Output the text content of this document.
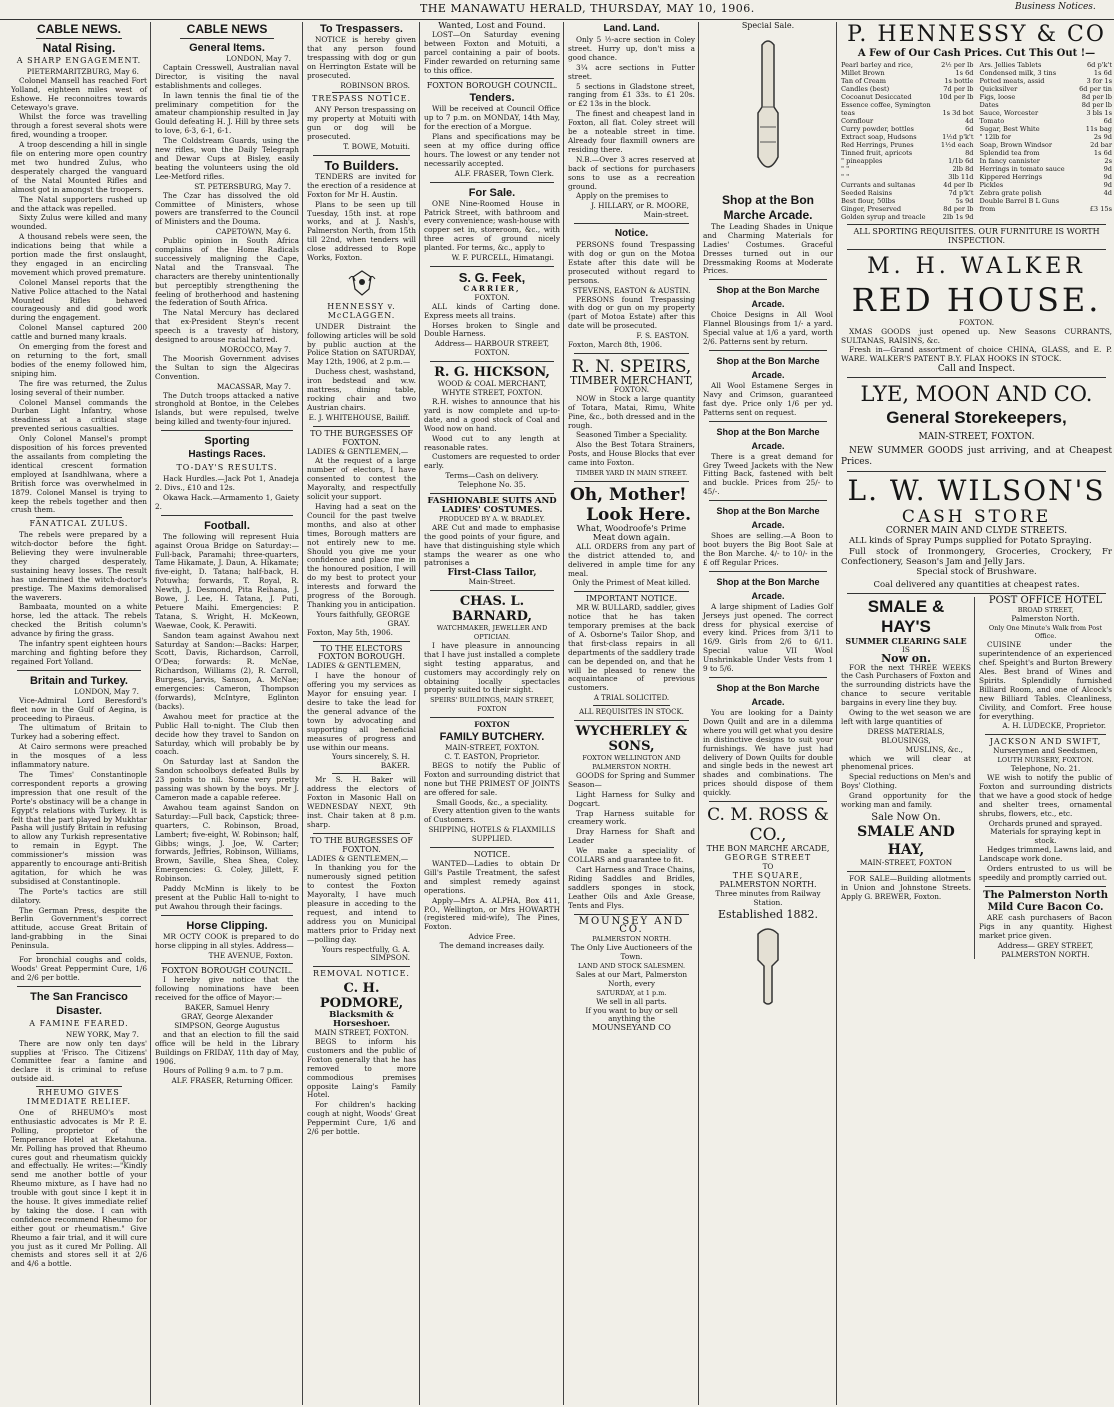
THE MANAWATU HERALD, THURSDAY, MAY 10, 1906.	Business Notices.
CABLE NEWS.
Natal Rising.
A SHARP ENGAGEMENT.
PIETERMARITZBURG, May 6.
Colonel Mansell has reached Fort Yolland, eighteen miles west of Eshowe. He reconnoitres towards Cetewayo's grave.
Whilst the force was travelling through a forest several shots were fired, wounding a trooper.
A troop descending a hill in single file on entering more open country met two hundred Zulus, who desperately charged the vanguard of the Natal Mounted Rifles and almost got in amongst the troopers.
The Natal supporters rushed up and the attack was repelled.
Sixty Zulus were killed and many wounded.
A thousand rebels were seen, the indications being that while a portion made the first onslaught, they engaged in an encircling movement which proved premature.
Colonel Mansel reports that the Native Police attached to the Natal Mounted Rifles behaved courageously and did good work during the engagement.
Colonel Mansel captured 200 cattle and burned many kraals.
On emerging from the forest and on returning to the fort, small bodies of the enemy followed him, sniping him.
The fire was returned, the Zulus losing several of their number.
Colonel Mansel commands the Durban Light Infantry, whose steadiness at a critical stage prevented serious casualties.
Only Colonel Mansel's prompt disposition of his forces prevented the assailants from completing the identical crescent formation employed at Isandhlwana, where a British force was overwhelmed in 1879. Colonel Mansel is trying to keep the rebels together and then crush them.
FANATICAL ZULUS.
The rebels were prepared by a witch-doctor before the fight. Believing they were invulnerable they charged desperately, sustaining heavy losses. The result has undermined the witch-doctor's prestige. The Maxims demoralised the waverers.
Bambaata, mounted on a white horse, led the attack. The rebels checked the British column's advance by firing the grass.
The infantry spent eighteen hours marching and fighting before they regained Fort Yolland.
Britain and Turkey.
LONDON, May 7.
Vice-Admiral Lord Beresford's fleet now in the Gulf of Aegina, is proceeding to Piraeus.
The ultimatum of Britain to Turkey had a sobering effect.
At Cairo sermons were preached in the mosques of a less inflammatory nature.
The Times' Constantinople correspondent reports a growing impression that one result of the Porte's obstinacy will be a change in Egypt's relations with Turkey. It is felt that the part played by Mukhtar Pasha will justify Britain in refusing to allow any Turkish representative to remain in Egypt. The commissioner's mission was apparently to encourage anti-British agitation, for which he was subsidised at Constantinople.
The Porte's tactics are still dilatory.
The German Press, despite the Berlin Government's correct attitude, accuse Great Britain of land-grabbing in the Sinai Peninsula.
For bronchial coughs and colds, Woods' Great Peppermint Cure, 1/6 and 2/6 per bottle.
The San Francisco Disaster.
A FAMINE FEARED.
NEW YORK, May 7.
There are now only ten days' supplies at 'Frisco. The Citizens' Committee fear a famine and declare it is criminal to refuse outside aid.
RHEUMO GIVES IMMEDIATE RELIEF.
One of RHEUMO's most enthusiastic advocates is Mr P. E. Polling, proprietor of the Temperance Hotel at Eketahuna. Mr. Polling has proved that Rheumo cures gout and rheumatism quickly and effectually. He writes:—"Kindly send me another bottle of your Rheumo mixture, as I have had no trouble with gout since I kept it in the house. It gives immediate relief by taking the dose. I can with confidence recommend Rheumo for either gout or rheumatism." Give Rheumo a fair trial, and it will cure you just as it cured Mr Polling. All chemists and stores sell it at 2/6 and 4/6 a bottle.
CABLE NEWS
General Items.
LONDON, May 7.
Captain Cresswell, Australian naval Director, is visiting the naval establishments and colleges.
In lawn tennis the final tie of the preliminary competition for the amateur championship resulted in Jay Gould defeating H. J. Hill by three sets to love, 6-3, 6-1, 6-1.
The Coldstream Guards, using the new rifles, won the Daily Telegraph and Dewar Cups at Bisley, easily beating the volunteers using the old Lee-Metford rifles.
ST. PETERSBURG, May 7.
The Czar has dissolved the old Committee of Ministers, whose powers are transferred to the Council of Ministers and the Douma.
CAPETOWN, May 6.
Public opinion in South Africa complains of the Home Radicals successively maligning the Cape, Natal and the Transvaal. The characters are thereby unintentionally but perceptibly strengthening the feeling of brotherhood and hastening the federation of South Africa.
The Natal Mercury has declared that ex-President Steyn's recent speech is a travesty of history, designed to arouse racial hatred.
MOROCCO, May 7.
The Moorish Government advises the Sultan to sign the Algeciras Convention.
MACASSAR, May 7.
The Dutch troops attacked a native stronghold at Bontoe, in the Celebes Islands, but were repulsed, twelve being killed and twenty-four injured.
Sporting
Hastings Races.
TO-DAY'S RESULTS.
Hack Hurdles.—Jack Pot 1, Anadeja 2. Divs., £10 and 12s.
Okawa Hack.—Armamento 1, Gaiety 2.
Football.
The following will represent Huia against Oroua Bridge on Saturday:—Full-back, Paramahi; three-quarters, Tame Hikamate, J. Daun, A. Hikamate; five-eight, D. Tatana; half-back, H. Potuwha; forwards, T. Royal, R. Newth, J. Desmond, Pita Reihana, J. Bowe, J. Lee, H. Tatana, J. Puti, Petuere Maihi. Emergencies: P. Tatana, S. Wright, H. McKeown, Waewae, Cook, K. Perawiti.
Sandon team against Awahou next Saturday at Sandon:—Backs: Harper, Scott, Davis, Richardson, Carroll, O'Dea; forwards: R. McNae, Richardson, Williams (2), R. Carroll, Burgess, Jarvis, Sanson, A. McNae; emergencies: Cameron, Thompson (forwards), McIntyre, Eglinton (backs).
Awahou meet for practice at the Public Hall to-night. The Club then decide how they travel to Sandon on Saturday, which will probably be by coach.
On Saturday last at Sandon the Sandon schoolboys defeated Bulls by 23 points to nil. Some very pretty passing was shown by the boys. Mr J. Cameron made a capable referee.
Awahou team against Sandon on Saturday:—Full back, Capstick; three-quarters, C. Robinson, Broad, Lambert; five-eight, W. Robinson; half, Gibbs; wings, J. Joe, W. Carter; forwards, Jeffries, Robinson, Williams, Brown, Saville, Shea Shea, Coley. Emergencies: G. Coley, Jillett, F. Robinson.
Paddy McMinn is likely to be present at the Public Hall to-night to put Awahou through their facings.
Horse Clipping.
MR OCTY COOK is prepared to do horse clipping in all styles. Address—
THE AVENUE, Foxton.
FOXTON BOROUGH COUNCIL.
I hereby give notice that the following nominations have been received for the office of Mayor:—
BAKER, Samuel Henry
GRAY, George Alexander
SIMPSON, George Augustus
and that an election to fill the said office will be held in the Library Buildings on FRIDAY, 11th day of May, 1906.
Hours of Polling 9 a.m. to 7 p.m.
ALF. FRASER, Returning Officer.
To Trespassers.
NOTICE is hereby given that any person found trespassing with dog or gun on Herrington Estate will be prosecuted.
ROBINSON BROS.
TRESPASS NOTICE.
ANY Person trespassing on my property at Motuiti with gun or dog will be prosecuted.
T. BOWE, Motuiti.
To Builders.
TENDERS are invited for the erection of a residence at Foxton for Mr H. Austin.
Plans to be seen up till Tuesday, 15th inst. at rope works, and at J. Nash's, Palmerston North, from 15th till 22nd, when tenders will close addressed to Rope Works, Foxton.
HENNESSY v. McCLAGGEN.
UNDER Distraint the following articles will be sold by public auction at the Police Station on SATURDAY, May 12th, 1906, at 2 p.m.—
Duchess chest, washstand, iron bedstead and w.w. mattress, dining table, rocking chair and two Austrian chairs.
E. J. WHITEHOUSE, Bailiff.
TO THE BURGESSES OF FOXTON.
LADIES & GENTLEMEN,—
At the request of a large number of electors, I have consented to contest the Mayoralty, and respectfully solicit your support.
Having had a seat on the Council for the past twelve months, and also at other times, Borough matters are not entirely new to me. Should you give me your confidence and place me in the honoured position, I will do my best to protect your interests and forward the progress of the Borough. Thanking you in anticipation.
Yours faithfully, GEORGE GRAY.
Foxton, May 5th, 1906.
TO THE ELECTORS FOXTON BOROUGH.
LADIES & GENTLEMEN,
I have the honour of offering you my services as Mayor for ensuing year. I desire to take the lead for the general advance of the town by advocating and supporting all beneficial measures of progress and use within our means.
Yours sincerely, S. H. BAKER.
Mr S. H. Baker will address the electors of Foxton in Masonic Hall on WEDNESDAY NEXT, 9th inst. Chair taken at 8 p.m. sharp.
TO THE BURGESSES OF FOXTON.
LADIES & GENTLEMEN,—
In thanking you for the numerously signed petition to contest the Foxton Mayoralty, I have much pleasure in acceding to the request, and intend to address you on Municipal matters prior to Friday next—polling day.
Yours respectfully, G. A. SIMPSON.
REMOVAL NOTICE.
C. H. PODMORE,
Blacksmith & Horseshoer.
MAIN STREET, FOXTON.
BEGS to inform his customers and the public of Foxton generally that he has removed to more commodious premises opposite Laing's Family Hotel.
For children's hacking cough at night, Woods' Great Peppermint Cure, 1/6 and 2/6 per bottle.
Wanted, Lost and Found.
LOST—On Saturday evening between Foxton and Motuiti, a parcel containing a pair of boots. Finder rewarded on returning same to this office.
FOXTON BOROUGH COUNCIL.
Tenders.
Will be received at Council Office up to 7 p.m. on MONDAY, 14th May, for the erection of a Morgue.
Plans and specifications may be seen at my office during office hours. The lowest or any tender not necessarily accepted.
ALF. FRASER, Town Clerk.
For Sale.
ONE Nine-Roomed House in Patrick Street, with bathroom and every convenience; wash-house with copper set in, storeroom, &c., with three acres of ground nicely planted. For terms, &c., apply to
W. F. PURCELL, Himatangi.
S. G. Feek,
CARRIER,
FOXTON.
ALL kinds of Carting done. Express meets all trains.
Horses broken to Single and Double Harness.
Address— HARBOUR STREET, FOXTON.
R. G. HICKSON,
WOOD & COAL MERCHANT,
WHYTE STREET, FOXTON.
R.H. wishes to announce that his yard is now complete and up-to-date, and a good stock of Coal and Wood now on hand.
Wood cut to any length at reasonable rates.
Customers are requested to order early.
Terms—Cash on delivery.
Telephone No. 35.
FASHIONABLE SUITS AND LADIES' COSTUMES.
PRODUCED BY A. W. BRADLEY.
ARE Cut and made to emphasise the good points of your figure, and have that distinguishing style which stamps the wearer as one who patronises a
First-Class Tailor,
Main-Street.
CHAS. L. BARNARD,
WATCHMAKER, JEWELLER AND OPTICIAN.
I have pleasure in announcing that I have just installed a complete sight testing apparatus, and customers may accordingly rely on obtaining locally spectacles properly suited to their sight.
SPEIRS' BUILDINGS, MAIN STREET, FOXTON
FOXTON
FAMILY BUTCHERY.
MAIN-STREET, FOXTON.
C. T. EASTON, Proprietor.
BEGS to notify the Public of Foxton and surrounding district that none but THE PRIMEST OF JOINTS are offered for sale.
Small Goods, &c., a speciality.
Every attention given to the wants of Customers.
SHIPPING, HOTELS & FLAXMILLS SUPPLIED.
NOTICE.
WANTED—Ladies to obtain Dr Gill's Pastile Treatment, the safest and simplest remedy against operations.
Apply—Mrs A. ALPHA, Box 411, P.O., Wellington, or Mrs HOWARTH (registered mid-wife), The Pines, Foxton.
Advice Free.
The demand increases daily.
Land. Land.
Only 5 ½-acre section in Coley street. Hurry up, don't miss a good chance.
3¼ acre sections in Futter street.
5 sections in Gladstone street, ranging from £1 33s. to £1 20s. or £2 13s in the block.
The finest and cheapest land in Foxton, all flat. Coley street will be a noteable street in time. Already four flaxmill owners are residing there.
N.B.—Over 3 acres reserved at back of sections for purchasers sons to use as a recreation ground.
Apply on the premises to
J. HILLARY, or R. MOORE, Main-street.
Notice.
PERSONS found Trespassing with dog or gun on the Motoa Estate after this date will be prosecuted without regard to persons.
STEVENS, EASTON & AUSTIN.
PERSONS found Trespassing with dog or gun on my property (part of Motoa Estate) after this date will be prosecuted.
F. S. EASTON.
Foxton, March 8th, 1906.
R. N. SPEIRS,
TIMBER MERCHANT,
FOXTON.
NOW in Stock a large quantity of Totara, Matai, Rimu, White Pine, &c., both dressed and in the rough.
Seasoned Timber a Speciality.
Also the Best Totara Strainers, Posts, and House Blocks that ever came into Foxton.
TIMBER YARD IN MAIN STREET.
Oh, Mother!
Look Here.
What, Woodroofe's Prime Meat down again.
ALL ORDERS from any part of the district attended to, and delivered in ample time for any meal.
Only the Primest of Meat killed.
IMPORTANT NOTICE.
MR W. BULLARD, saddler, gives notice that he has taken temporary premises at the back of A. Osborne's Tailor Shop, and that first-class repairs in all departments of the saddlery trade can be depended on, and that he will be pleased to renew the acquaintance of previous customers.
A TRIAL SOLICITED.
ALL REQUISITES IN STOCK.
WYCHERLEY & SONS,
FOXTON WELLINGTON AND PALMERSTON NORTH.
GOODS for Spring and Summer Season—
Light Harness for Sulky and Dogcart.
Trap Harness suitable for creamery work.
Dray Harness for Shaft and Leader
We make a speciality of COLLARS and guarantee to fit.
Cart Harness and Trace Chains, Riding Saddles and Bridles, saddlers sponges in stock, Leather Oils and Axle Grease, Tents and Flys.
MOUNSEY AND CO.
PALMERSTON NORTH.
The Only Live Auctioneers of the Town.
LAND AND STOCK SALESMEN.
Sales at our Mart, Palmerston North, every
SATURDAY, at 1 p.m.
We sell in all parts.
If you want to buy or sell anything the
MOUNSEYAND CO
Special Sale.
Shop at the Bon Marche Arcade.
The Leading Shades in Unique and Charming Materials for Ladies' Costumes. Graceful Dresses turned out in our Dressmaking Rooms at Moderate Prices.
Shop at the Bon Marche Arcade.
Choice Designs in All Wool Flannel Blousings from 1/- a yard. Special value at 1/6 a yard, worth 2/6. Patterns sent by return.
Shop at the Bon Marche Arcade.
All Wool Estamene Serges in Navy and Crimson, guaranteed fast dye. Price only 1/6 per yd. Patterns sent on request.
Shop at the Bon Marche Arcade.
There is a great demand for Grey Tweed Jackets with the New Fitting Back, fastened with belt and buckle. Prices from 25/- to 45/-.
Shop at the Bon Marche Arcade.
Shoes are selling.—A Boon to boot buyers the Big Boot Sale at the Bon Marche. 4/- to 10/- in the £ off Regular Prices.
Shop at the Bon Marche Arcade.
A large shipment of Ladies Golf Jerseys just opened. The correct dress for physical exercise of every kind. Prices from 3/11 to 16/9. Girls from 2/6 to 6/11. Special value VII Wool Unshrinkable Under Vests from 1 9 to 5/6.
Shop at the Bon Marche Arcade.
You are looking for a Dainty Down Quilt and are in a dilemma where you will get what you desire in distinctive designs to suit your furnishings. We have just had delivery of Down Quilts for double and single beds in the newest art shades and combinations. The prices should dispose of them quickly.
C. M. ROSS & CO.,
THE BON MARCHE ARCADE,
GEORGE STREET
TO
THE SQUARE,
PALMERSTON NORTH.
Three minutes from Railway Station.
Established 1882.
P. HENNESSY & CO
A Few of Our Cash Prices. Cut This Out !—
Pearl barley and rice,	2½ per lb
Millet Brown	1s 6d
Tan of Cream	1s bottle
Candles (best)	7d per lb
Cocoanut Desiccated	10d per lb
Essence coffee, Symington
teas	1s 3d bot
Cornflour	4d
Curry powder, bottles	6d
Extract soap, Hudsons	1½d p'k't
Red Herrings, Prunes	1½d each
Tinned fruit, apricots	8d
" pineapples	1/1b 6d
" "	2lb 8d
" "	3lb 11d
Currants and sultanas	4d per lb
Seeded Raisins	7d p'k't
Best flour, 50lbs	5s 9d
Ginger, Preserved	8d per lb
Golden syrup and treacle	2lb 1s 9d
Ars. Jellies Tablets	6d p'k't
Condensed milk, 3 tins	1s 6d
Potted meats, assid	3 for 1s
Quicksilver	6d per tin
Figs, loose	8d per lb
Dates	8d per lb
Sauce, Worcester	3 bls 1s
Tomato	6d
Sugar, Best White	11s bag
" 12lb for	2s 9d
Soap, Brown Windsor	2d bar
Splendid tea from	1s 6d
In fancy cannister	2s
Herrings in tomato sauce	9d
Kippered Herrings	9d
Pickles	9d
Zebra grate polish	4d
Double Barrel B L Guns
from	£3 15s
ALL SPORTING REQUISITES. OUR FURNITURE IS WORTH INSPECTION.
M. H. WALKER
RED HOUSE.
FOXTON.
XMAS GOODS just opened up. New Seasons CURRANTS, SULTANAS, RAISINS, &c.
Fresh in—Grand assortment of choice CHINA, GLASS, and E. P. WARE. WALKER'S PATENT B.Y. FLAX HOOKS IN STOCK.
Call and Inspect.
LYE, MOON AND CO.
General Storekeepers,
MAIN-STREET, FOXTON.
NEW SUMMER GOODS just arriving, and at Cheapest Prices.
L. W. WILSON'S
CASH STORE
CORNER MAIN AND CLYDE STREETS.
ALL kinds of Spray Pumps supplied for Potato Spraying.
Full stock of Ironmongery, Groceries, Crockery, Fr Confectionery, Season's Jam and Jelly Jars.
Special stock of Brushware.
Coal delivered any quantities at cheapest rates.
SMALE & HAY'S
SUMMER CLEARING SALE
IS
Now on.
FOR the next THREE WEEKS the Cash Purchasers of Foxton and the surrounding districts have the chance to secure veritable bargains in every line they buy.
Owing to the wet season we are left with large quantities of
DRESS MATERIALS,
BLOUSINGS,
MUSLINS, &c.,
which we will clear at phenomenal prices.
Special reductions on Men's and Boys' Clothing.
Grand opportunity for the working man and family.
Sale Now On.
SMALE AND HAY,
MAIN-STREET, FOXTON
FOR SALE—Building allotments in Union and Johnstone Streets. Apply G. BREWER, Foxton.
POST OFFICE HOTEL
BROAD STREET,
Palmerston North.
Only One Minute's Walk from Post Office.
CUISINE under the superintendence of an experienced chef. Speight's and Burton Brewery Ales. Best brand of Wines and Spirits. Splendidly furnished Billiard Room, and one of Alcock's new Billiard Tables. Cleanliness, Civility, and Comfort. Free house for everything.
A. H. LUDECKE, Proprietor.
JACKSON AND SWIFT,
Nurserymen and Seedsmen,
LOUTH NURSERY, FOXTON.
Telephone, No. 21.
WE wish to notify the public of Foxton and surrounding districts that we have a good stock of hedge and shelter trees, ornamental shrubs, flowers, etc., etc.
Orchards pruned and sprayed.
Materials for spraying kept in stock.
Hedges trimmed, Lawns laid, and Landscape work done.
Orders entrusted to us will be speedily and promptly carried out.
The Palmerston North Mild Cure Bacon Co.
ARE cash purchasers of Bacon Pigs in any quantity. Highest market price given.
Address— GREY STREET, PALMERSTON NORTH.
